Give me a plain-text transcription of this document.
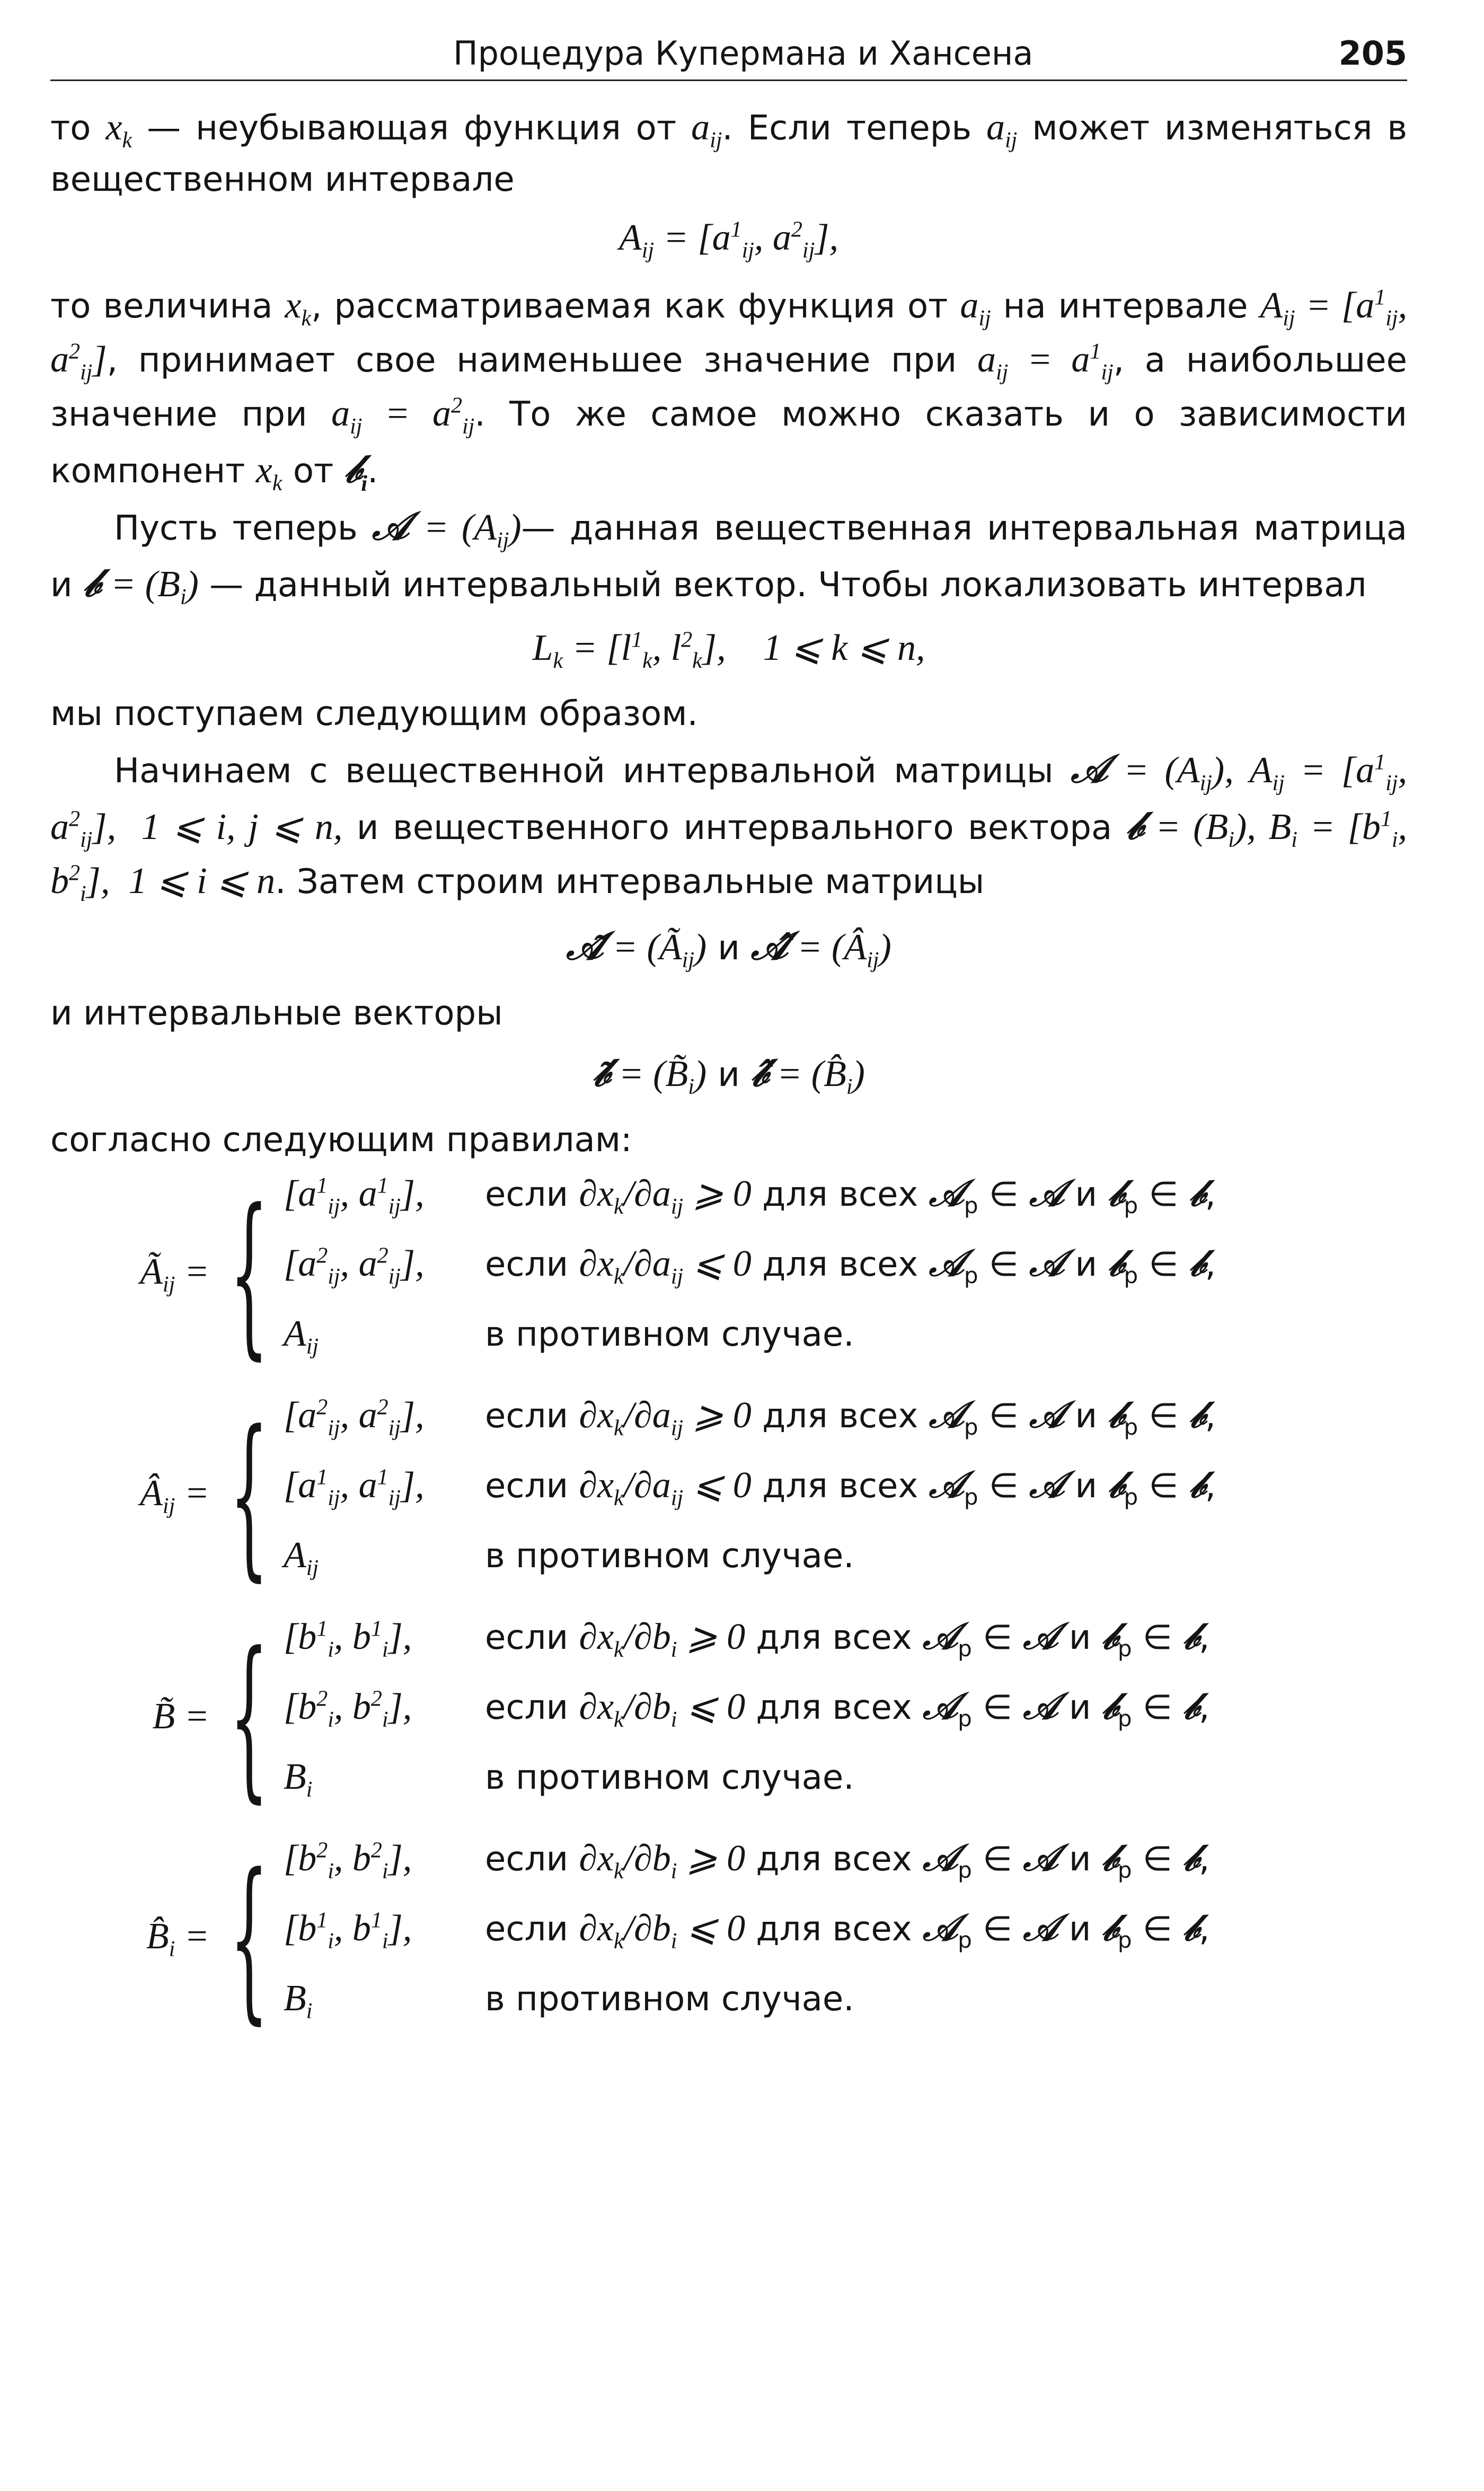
Процедура Купермана и Хансена	205

то $x_k$ — неубывающая функция от $a_{ij}$. Если теперь $a_{ij}$ может изменяться в вещественном интервале

$A_{ij} = [a^1_{ij}$, $a^2_{ij}$],

то величина $x_k$, рассматриваемая как функция от $a_{ij}$ на интервале $A_{ij} = [a^1_{ij}$, $a^2_{ij}$], принимает свое наименьшее значение при $a_{ij} = a^1_{ij}$, а наибольшее значение при $a_{ij} = a^2_{ij}$. То же самое можно сказать и о зависимости компонент $x_k$ от 𝒷$_i$.

Пусть теперь 𝒜 = $(A_{ij})—$ данная вещественная интервальная матрица и 𝒷 = $(B_i)$ — данный интервальный вектор. Чтобы локализовать интервал

$L_k = [l^1_k$, $l^2_k$],    1 ⩽ k ⩽ n,

мы поступаем следующим образом.

Начинаем с вещественной интервальной матрицы 𝒜 = $(A_{ij})$, $A_{ij} = [a^1_{ij}$, $a^2_{ij}$],  1 ⩽ i, j ⩽ n, и вещественного интервального вектора 𝒷 = $(B_i)$, $B_i = [b^1_i$, $b^2_i$],  1 ⩽ i ⩽ n. Затем строим интервальные матрицы

𝒜̃ = $(Ã_{ij})$ и 𝒜̂ = $(Â_{ij})$

и интервальные векторы

𝒷̃ = $(B̃_i)$ и 𝒷̂ = $(B̂_i)$

согласно следующим правилам:

$Ã_{ij}$ = { [$a^1_{ij}$, $a^1_{ij}$],	если $\partial x_k/\partial a_{ij}$ ⩾ 0 для всех 𝒜$_p$ ∈ 𝒜 и 𝒷$_p$ ∈ 𝒷,
[$a^2_{ij}$, $a^2_{ij}$],	если $\partial x_k/\partial a_{ij}$ ⩽ 0 для всех 𝒜$_p$ ∈ 𝒜 и 𝒷$_p$ ∈ 𝒷,
$A_{ij}$	в противном случае.
$Â_{ij}$ = { [$a^2_{ij}$, $a^2_{ij}$],	если $\partial x_k/\partial a_{ij}$ ⩾ 0 для всех 𝒜$_p$ ∈ 𝒜 и 𝒷$_p$ ∈ 𝒷,
[$a^1_{ij}$, $a^1_{ij}$],	если $\partial x_k/\partial a_{ij}$ ⩽ 0 для всех 𝒜$_p$ ∈ 𝒜 и 𝒷$_p$ ∈ 𝒷,
$A_{ij}$	в противном случае.
B̃ = { [$b^1_i$, $b^1_i$],	если $\partial x_k/\partial b_i$ ⩾ 0 для всех 𝒜$_p$ ∈ 𝒜 и 𝒷$_p$ ∈ 𝒷,
[$b^2_i$, $b^2_i$],	если $\partial x_k/\partial b_i$ ⩽ 0 для всех 𝒜$_p$ ∈ 𝒜 и 𝒷$_p$ ∈ 𝒷,
$B_i$	в противном случае.
$B̂_i$ = { [$b^2_i$, $b^2_i$],	если $\partial x_k/\partial b_i$ ⩾ 0 для всех 𝒜$_p$ ∈ 𝒜 и 𝒷$_p$ ∈ 𝒷,
[$b^1_i$, $b^1_i$],	если $\partial x_k/\partial b_i$ ⩽ 0 для всех 𝒜$_p$ ∈ 𝒜 и 𝒷$_p$ ∈ 𝒷,
$B_i$	в противном случае.
